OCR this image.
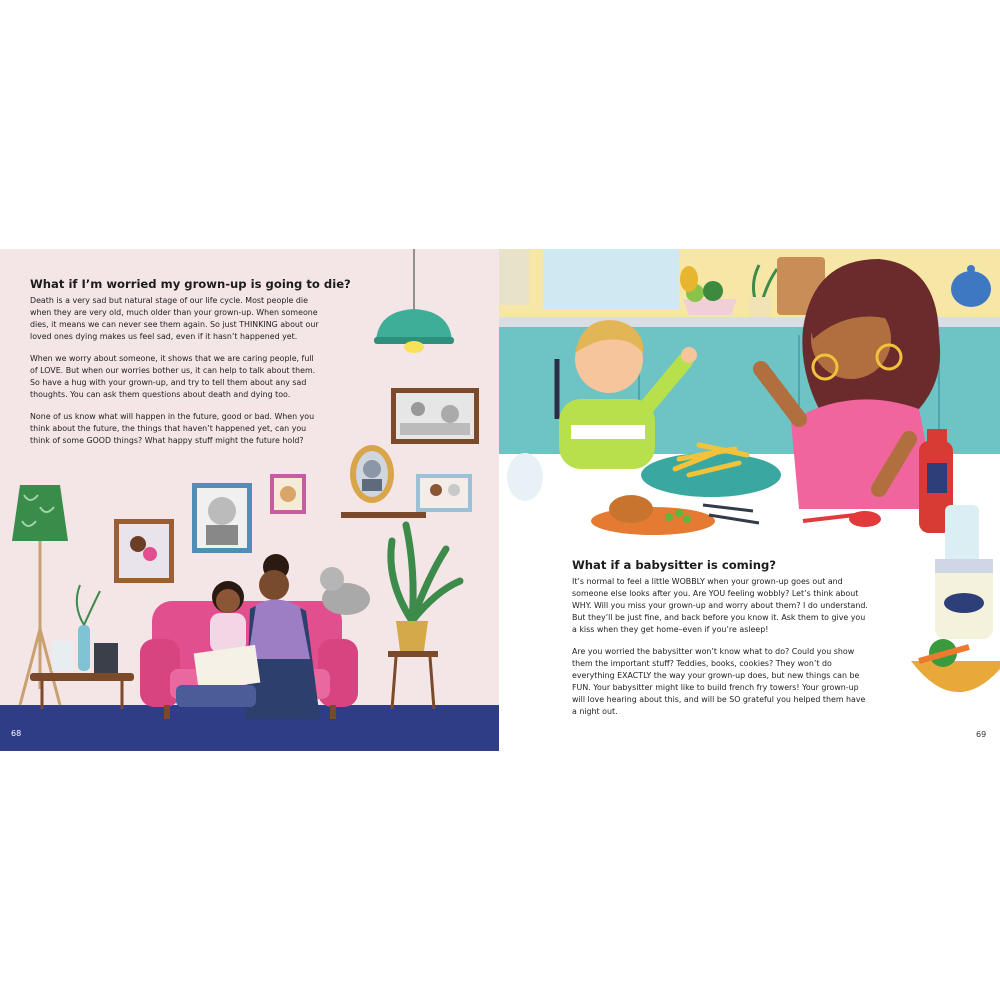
What if I’m worried my grown-up is going to die?

Death is a very sad but natural stage of our life cycle. Most people die when they are very old, much older than your grown-up. When someone dies, it means we can never see them again. So just THINKING about our loved ones dying makes us feel sad, even if it hasn’t happened yet.

When we worry about someone, it shows that we are caring people, full of LOVE. But when our worries bother us, it can help to talk about them. So have a hug with your grown-up, and try to tell them about any sad thoughts. You can ask them questions about death and dying too.

None of us know what will happen in the future, good or bad. When you think about the future, the things that haven’t happened yet, can you think of some GOOD things? What happy stuff might the future hold?

68
What if a babysitter is coming?

It’s normal to feel a little WOBBLY when your grown-up goes out and someone else looks after you. Are YOU feeling wobbly? Let’s think about WHY. Will you miss your grown-up and worry about them? I do understand. But they’ll be just fine, and back before you know it. Ask them to give you a kiss when they get home–even if you’re asleep!

Are you worried the babysitter won’t know what to do? Could you show them the important stuff? Teddies, books, cookies? They won’t do everything EXACTLY the way your grown-up does, but new things can be FUN. Your babysitter might like to build french fry towers! Your grown-up will love hearing about this, and will be SO grateful you helped them have a night out.

69
